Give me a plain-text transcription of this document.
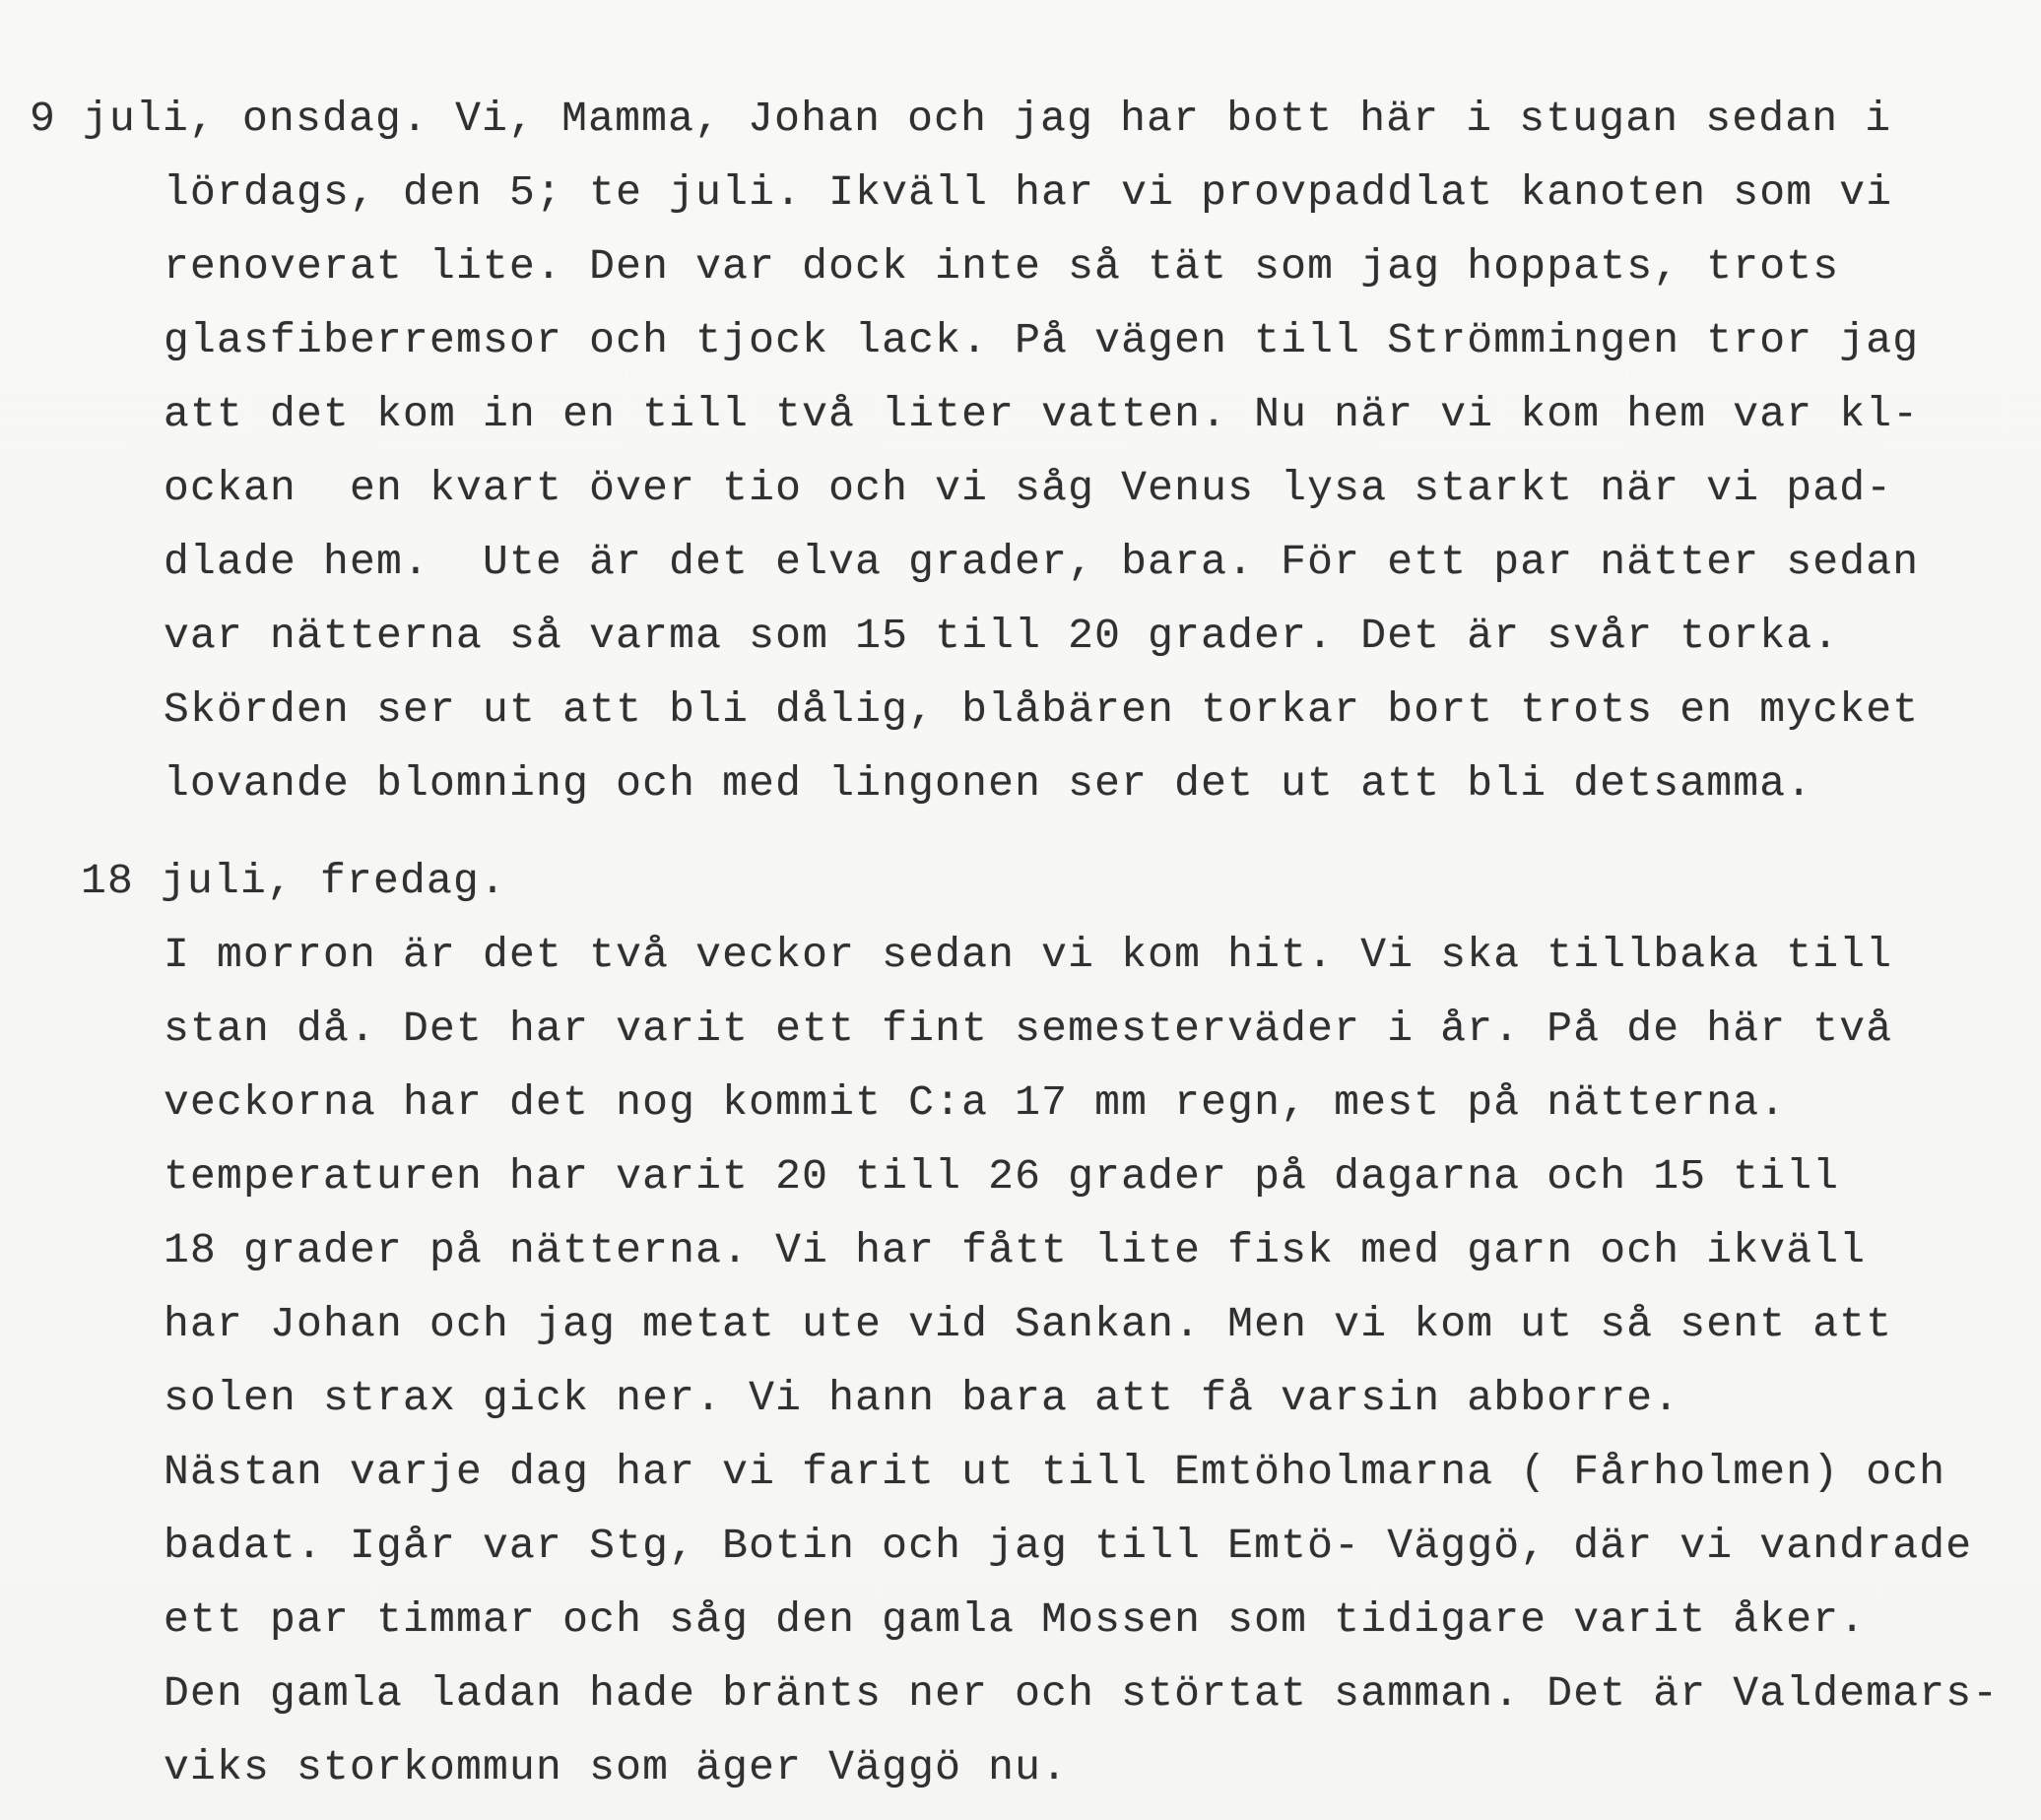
9 juli, onsdag. Vi, Mamma, Johan och jag har bott här i stugan sedan i
lördags, den 5; te juli. Ikväll har vi provpaddlat kanoten som vi
renoverat lite. Den var dock inte så tät som jag hoppats, trots
glasfiberremsor och tjock lack. På vägen till Strömmingen tror jag
att det kom in en till två liter vatten. Nu när vi kom hem var kl-
ockan  en kvart över tio och vi såg Venus lysa starkt när vi pad-
dlade hem.  Ute är det elva grader, bara. För ett par nätter sedan
var nätterna så varma som 15 till 20 grader. Det är svår torka.
Skörden ser ut att bli dålig, blåbären torkar bort trots en mycket
lovande blomning och med lingonen ser det ut att bli detsamma.
18 juli, fredag.
I morron är det två veckor sedan vi kom hit. Vi ska tillbaka till
stan då. Det har varit ett fint semesterväder i år. På de här två
veckorna har det nog kommit C:a 17 mm regn, mest på nätterna.
temperaturen har varit 20 till 26 grader på dagarna och 15 till
18 grader på nätterna. Vi har fått lite fisk med garn och ikväll
har Johan och jag metat ute vid Sankan. Men vi kom ut så sent att
solen strax gick ner. Vi hann bara att få varsin abborre.
Nästan varje dag har vi farit ut till Emtöholmarna ( Fårholmen) och
badat. Igår var Stg, Botin och jag till Emtö- Väggö, där vi vandrade
ett par timmar och såg den gamla Mossen som tidigare varit åker.
Den gamla ladan hade bränts ner och störtat samman. Det är Valdemars-
viks storkommun som äger Väggö nu.
